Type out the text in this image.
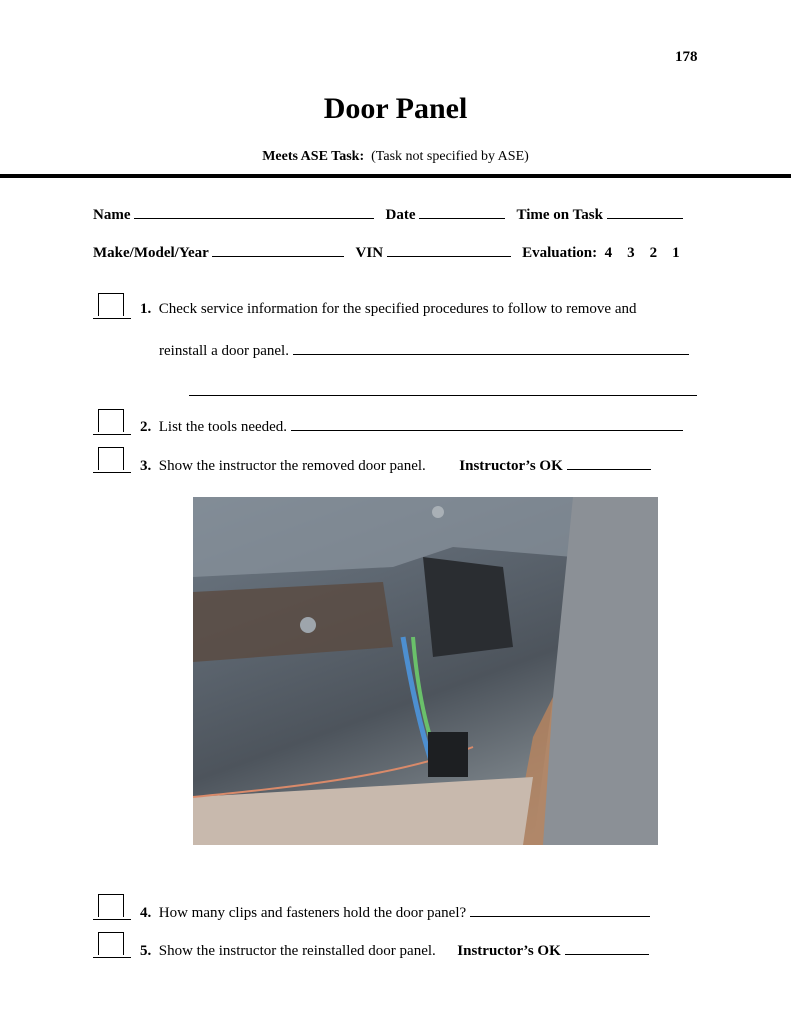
178
Door Panel
Meets ASE Task: (Task not specified by ASE)
Name	Date	Time on Task
Make/Model/Year	VIN	Evaluation: 4 3 2 1
1. Check service information for the specified procedures to follow to remove and
reinstall a door panel.
2. List the tools needed.
3. Show the instructor the removed door panel. Instructor’s OK
4. How many clips and fasteners hold the door panel?
5. Show the instructor the reinstalled door panel. Instructor’s OK
